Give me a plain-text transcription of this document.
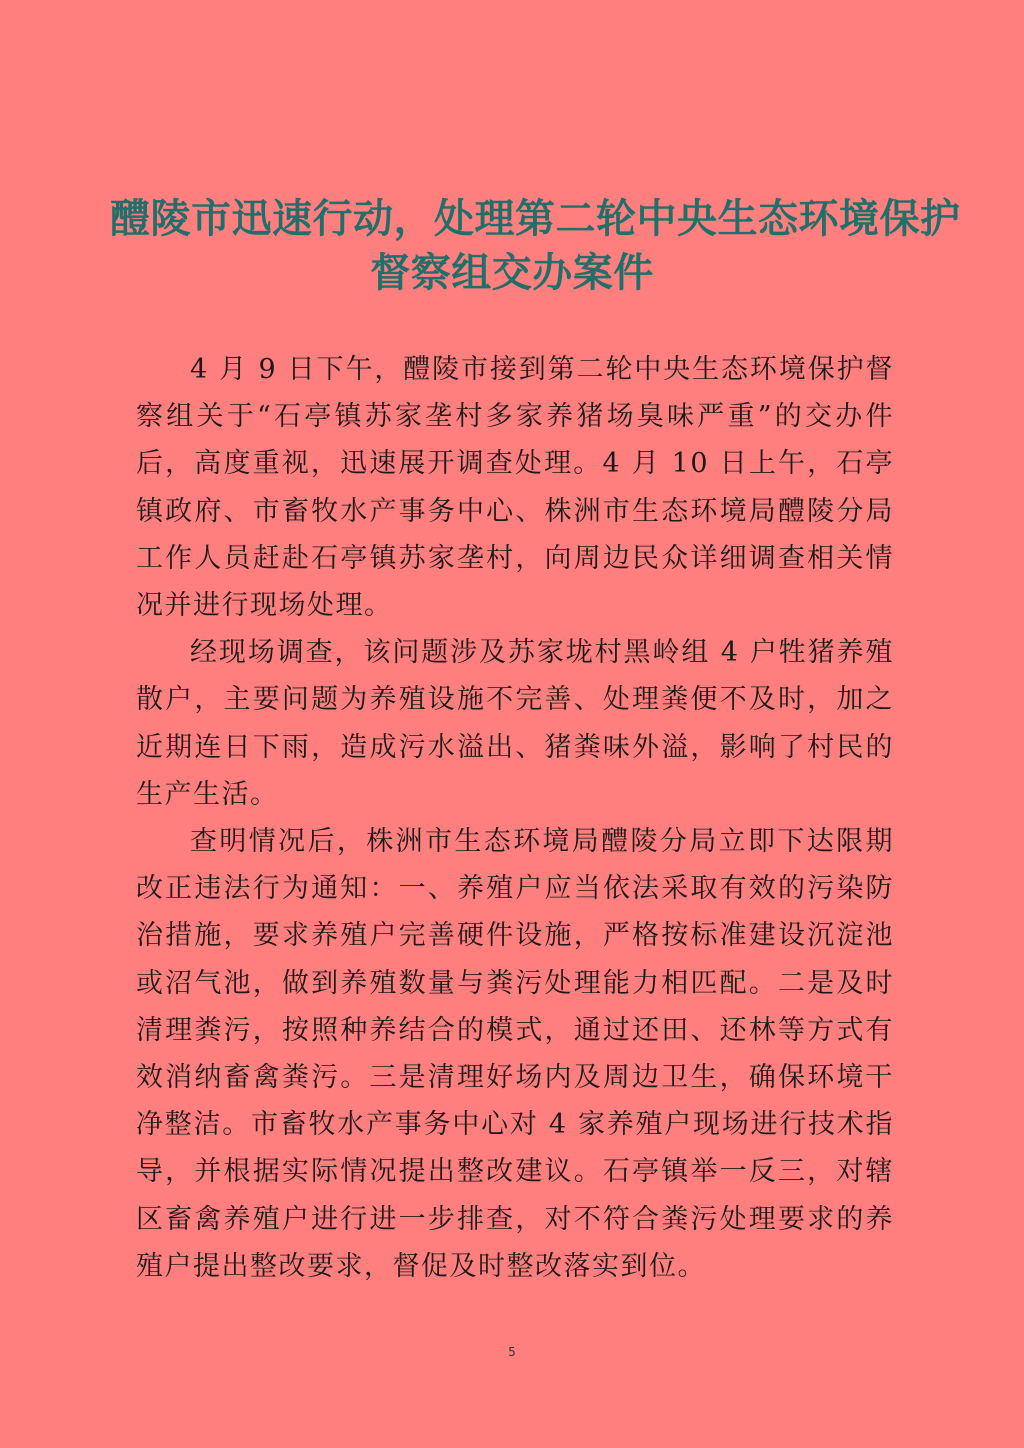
醴陵市迅速行动，处理第二轮中央生态环境保护
督察组交办案件

4 月 9 日下午，醴陵市接到第二轮中央生态环境保护督察组关于“石亭镇苏家垄村多家养猪场臭味严重”的交办件后，高度重视，迅速展开调查处理。4 月 10 日上午，石亭镇政府、市畜牧水产事务中心、株洲市生态环境局醴陵分局工作人员赶赴石亭镇苏家垄村，向周边民众详细调查相关情况并进行现场处理。

经现场调查，该问题涉及苏家垅村黑岭组 4 户牲猪养殖散户，主要问题为养殖设施不完善、处理粪便不及时，加之近期连日下雨，造成污水溢出、猪粪味外溢，影响了村民的生产生活。

查明情况后，株洲市生态环境局醴陵分局立即下达限期改正违法行为通知：一、养殖户应当依法采取有效的污染防治措施，要求养殖户完善硬件设施，严格按标准建设沉淀池或沼气池，做到养殖数量与粪污处理能力相匹配。二是及时清理粪污，按照种养结合的模式，通过还田、还林等方式有效消纳畜禽粪污。三是清理好场内及周边卫生，确保环境干净整洁。市畜牧水产事务中心对 4 家养殖户现场进行技术指导，并根据实际情况提出整改建议。石亭镇举一反三，对辖区畜禽养殖户进行进一步排查，对不符合粪污处理要求的养殖户提出整改要求，督促及时整改落实到位。

5
